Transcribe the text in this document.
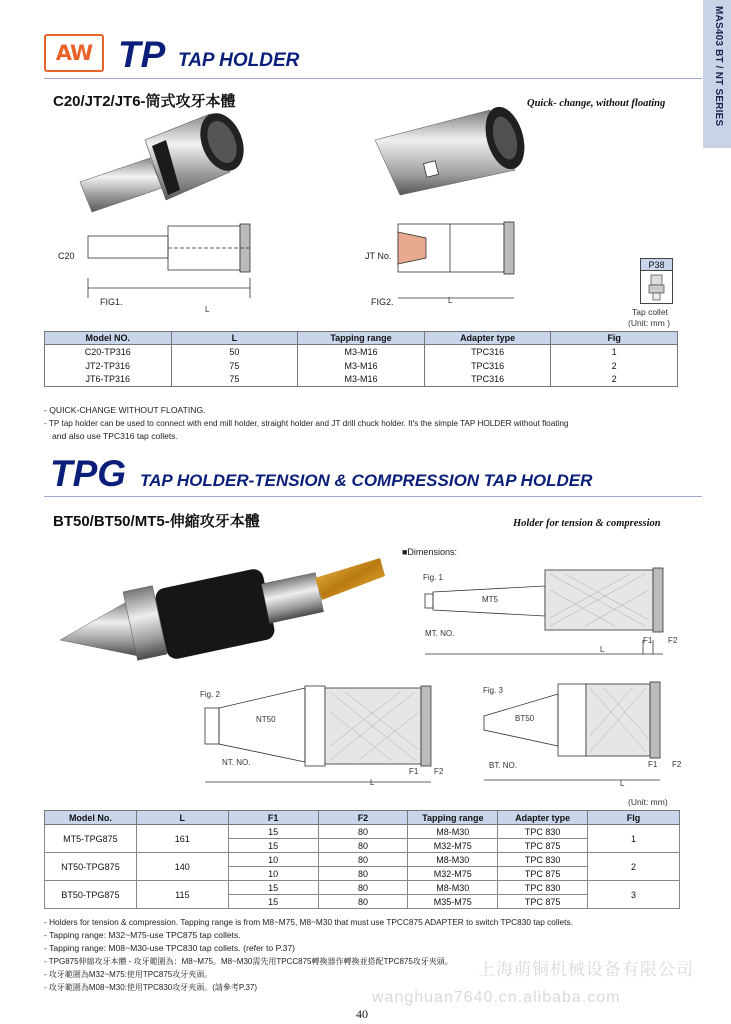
MAS403 BT / NT SERIES
AW TP TAP HOLDER
C20/JT2/JT6-筒式攻牙本體	Quick- change, without floating
C20
FIG1.
L
JT No.
FIG2.	L
P38
Tap collet
(Unit: mm )
Model NO.	L	Tapping range	Adapter type	Fig
C20-TP316	50	M3-M16	TPC316	1
JT2-TP316	75	M3-M16	TPC316	2
JT6-TP316	75	M3-M16	TPC316	2

- QUICK-CHANGE WITHOUT FLOATING.

- TP tap holder can be used to connect with end mill holder, straight holder and JT drill chuck holder. It's the simple TAP HOLDER without floating

and also use TPC316 tap collets.

TPG TAP HOLDER-TENSION & COMPRESSION TAP HOLDER
BT50/BT50/MT5-伸縮攻牙本體	Holder for tension & compression
■Dimensions:
Fig. 1
MT5
MT. NO.
F1 F2
L
Fig. 2
NT50
NT. NO.
F1 F2
L
Fig. 3
BT50
BT. NO.	F1 F2
L
(Unit: mm)
Model No.	L	F1	F2	Tapping range	Adapter type	Flg
MT5-TPG875	161	15	80	M8-M30	TPC 830	1
		15	80	M32-M75	TPC 875	
NT50-TPG875	140	10	80	M8-M30	TPC 830	2
		10	80	M32-M75	TPC 875	
BT50-TPG875	115	15	80	M8-M30	TPC 830	3
		15	80	M35-M75	TPC 875	

- Holders for tension & compression. Tapping range is from M8~M75, M8~M30 that must use TPCC875 ADAPTER to switch TPC830 tap collets.

- Tapping range: M32~M75-use TPC875 tap collets.

- Tapping range: M08~M30-use TPC830 tap collets. (refer to P.37)

- TPG875伸縮攻牙本體 - 攻牙範圍為：M8~M75。M8~M30需先用TPCC875轉換器作轉換並搭配TPC875攻牙夾頭。

- 攻牙範圍為M32~M75:使用TPC875攻牙夾頭。

- 攻牙範圍為M08~M30:使用TPC830攻牙夾頭。(請參考P.37)

上海萌铜机械设备有限公司
wanghuan7640.cn.alibaba.com
40
